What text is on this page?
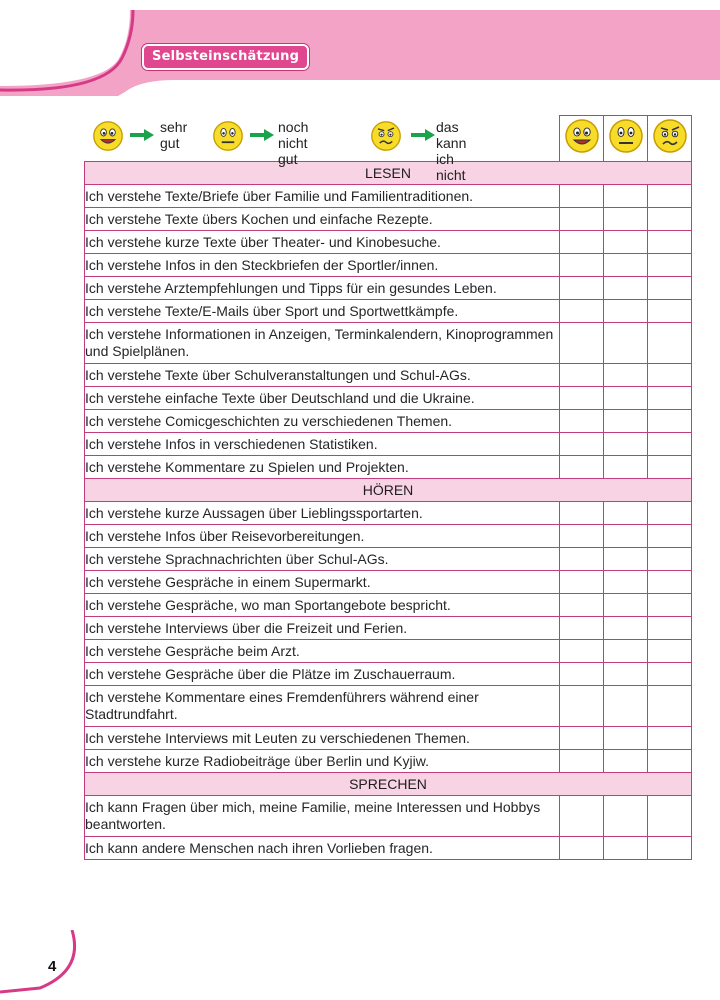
Selbsteinschätzung

LESEN			
Ich verstehe Texte/Briefe über Familie und Familientraditionen.			
Ich verstehe Texte übers Kochen und einfache Rezepte.			
Ich verstehe kurze Texte über Theater- und Kinobesuche.			
Ich verstehe Infos in den Steckbriefen der Sportler/innen.			
Ich verstehe Arztempfehlungen und Tipps für ein gesundes Leben.			
Ich verstehe Texte/E-Mails über Sport und Sportwettkämpfe.			
Ich verstehe Informationen in Anzeigen, Terminkalendern, Kinoprogrammen und Spielplänen.			
Ich verstehe Texte über Schulveranstaltungen und Schul-AGs.			
Ich verstehe einfache Texte über Deutschland und die Ukraine.			
Ich verstehe Comicgeschichten zu verschiedenen Themen.			
Ich verstehe Infos in verschiedenen Statistiken.			
Ich verstehe Kommentare zu Spielen und Projekten.			
HÖREN			
Ich verstehe kurze Aussagen über Lieblingssportarten.			
Ich verstehe Infos über Reisevorbereitungen.			
Ich verstehe Sprachnachrichten über Schul-AGs.			
Ich verstehe Gespräche in einem Supermarkt.			
Ich verstehe Gespräche, wo man Sportangebote bespricht.			
Ich verstehe Interviews über die Freizeit und Ferien.			
Ich verstehe Gespräche beim Arzt.			
Ich verstehe Gespräche über die Plätze im Zuschauerraum.			
Ich verstehe Kommentare eines Fremdenführers während einer Stadtrundfahrt.			
Ich verstehe Interviews mit Leuten zu verschiedenen Themen.			
Ich verstehe kurze Radiobeiträge über Berlin und Kyjiw.			
SPRECHEN			
Ich kann Fragen über mich, meine Familie, meine Interessen und Hobbys beantworten.			
Ich kann andere Menschen nach ihren Vorlieben fragen.			
sehr
gut
noch
nicht gut
das kann
ich nicht
4
